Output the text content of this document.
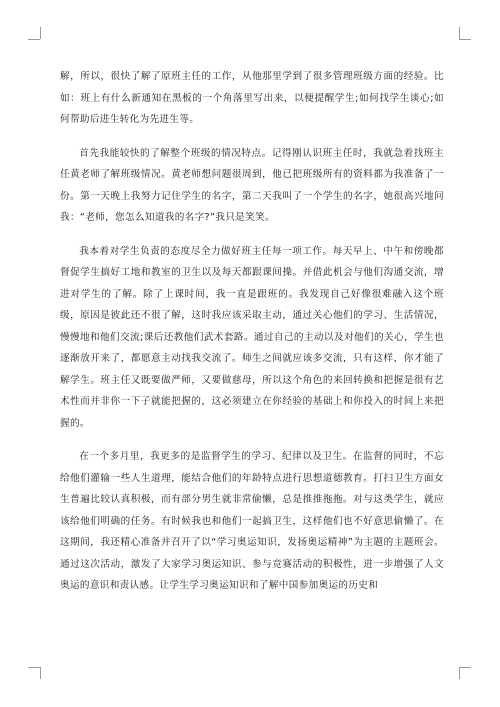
解，所以，很快了解了原班主任的工作，从他那里学到了很多管理班级方面的经验。比如：班上有什么新通知在黑板的一个角落里写出来，以便提醒学生;如何找学生谈心;如何帮助后进生转化为先进生等。

首先我能较快的了解整个班级的情况特点。记得刚认识班主任时，我就急着找班主任黄老师了解班级情况。黄老师想问题很周到，他已把班级所有的资料都为我准备了一份。第一天晚上我努力记住学生的名字，第二天我叫了一个学生的名字，她很高兴地问我：“老师，您怎么知道我的名字?”我只是笑笑。

我本着对学生负责的态度尽全力做好班主任每一项工作。每天早上、中午和傍晚都督促学生搞好工地和教室的卫生以及每天都跟课间操。并借此机会与他们沟通交流，增进对学生的了解。除了上课时间，我一直是跟班的。我发现自己好像很难融入这个班级，原因是彼此还不很了解，这时我应该采取主动，通过关心他们的学习、生活情况，慢慢地和他们交流;课后还教他们武术套路。通过自己的主动以及对他们的关心，学生也逐渐放开来了，都愿意主动找我交流了。师生之间就应该多交流，只有这样，你才能了解学生。班主任又既要做严师，又要做慈母，所以这个角色的来回转换和把握是很有艺术性而并非你一下子就能把握的，这必须建立在你经验的基础上和你投入的时间上来把握的。

在一个多月里，我更多的是监督学生的学习、纪律以及卫生。在监督的同时，不忘给他们灌输一些人生道理，能结合他们的年龄特点进行思想道德教育。打扫卫生方面女生普遍比较认真积极，而有部分男生就非常偷懒，总是推推拖拖。对与这类学生，就应该给他们明确的任务。有时候我也和他们一起搞卫生，这样他们也不好意思偷懒了。在这期间，我还精心准备并召开了以“学习奥运知识，发扬奥运精神”为主题的主题班会。通过这次活动，激发了大家学习奥运知识、参与竞赛活动的积极性，进一步增强了人文奥运的意识和责认感。让学生学习奥运知识和了解中国参加奥运的历史和
